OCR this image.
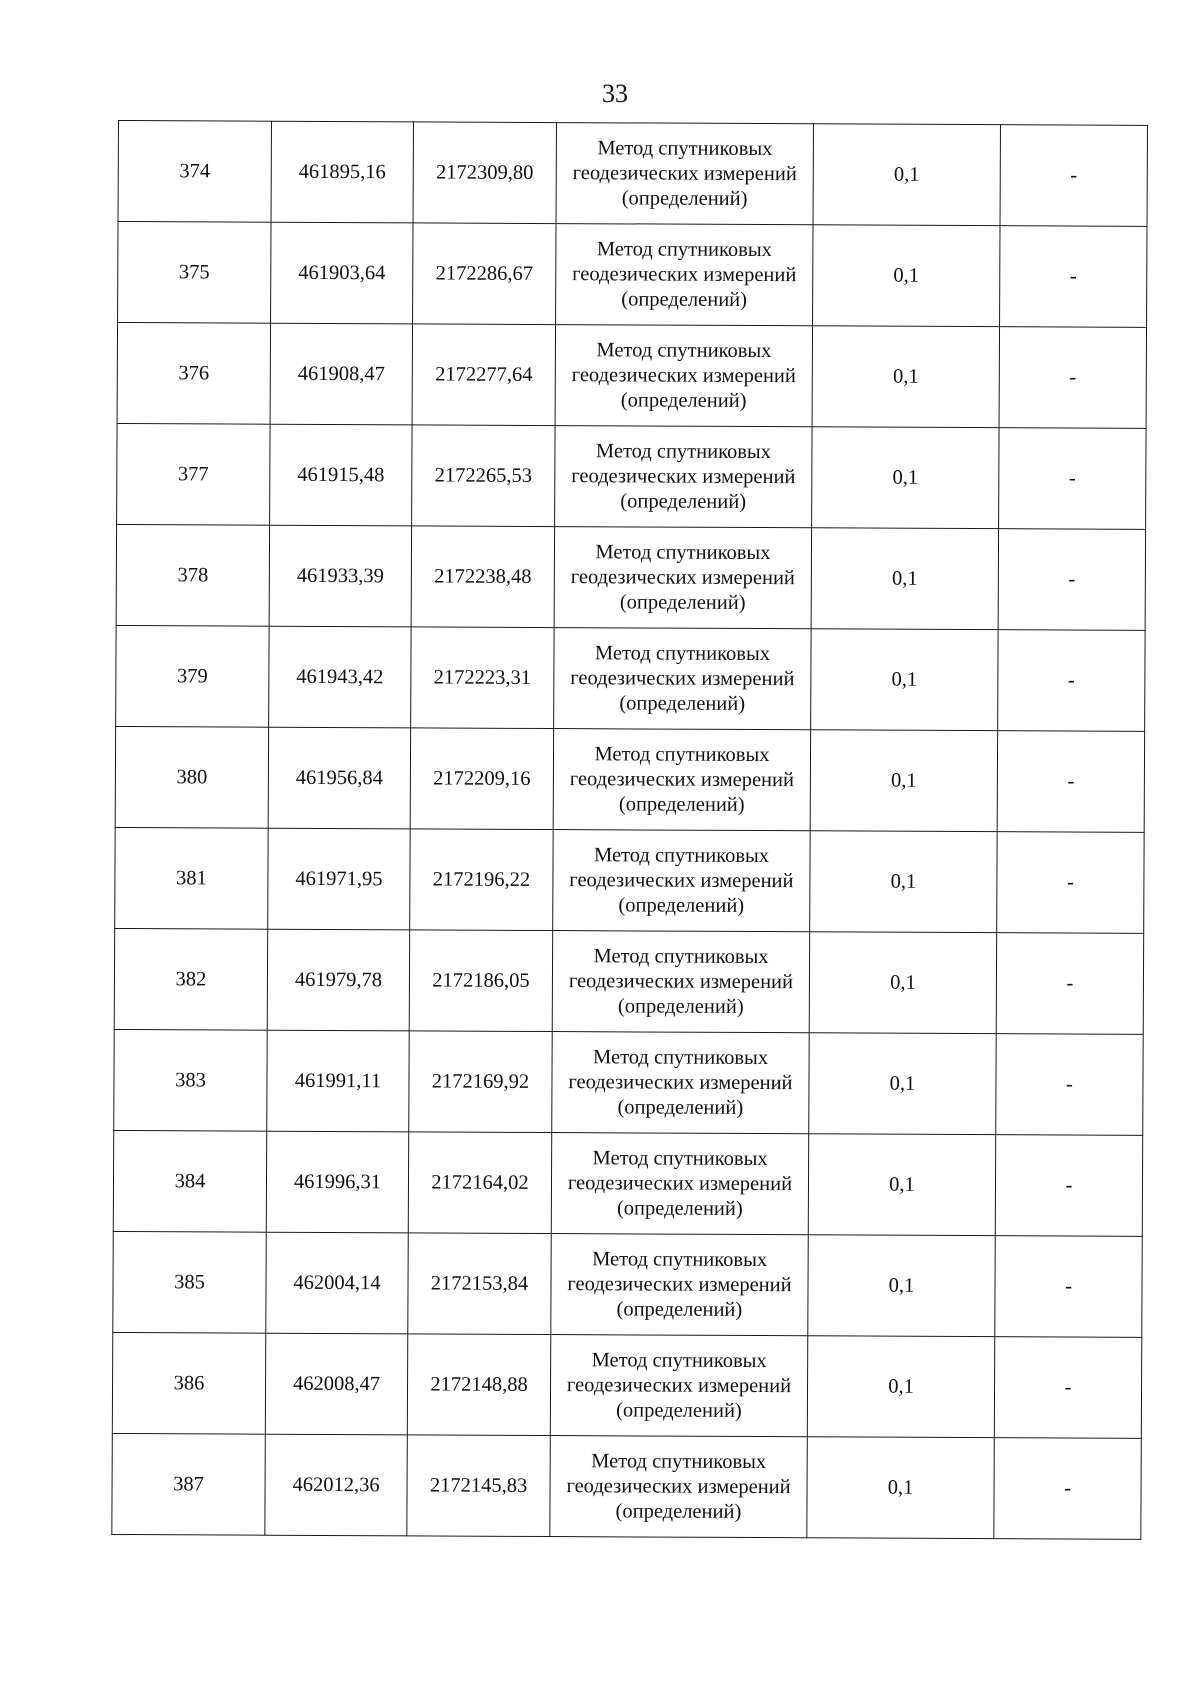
33
374	461895,16	2172309,80	Метод спутниковых
геодезических измерений
(определений)	0,1	-
375	461903,64	2172286,67	Метод спутниковых
геодезических измерений
(определений)	0,1	-
376	461908,47	2172277,64	Метод спутниковых
геодезических измерений
(определений)	0,1	-
377	461915,48	2172265,53	Метод спутниковых
геодезических измерений
(определений)	0,1	-
378	461933,39	2172238,48	Метод спутниковых
геодезических измерений
(определений)	0,1	-
379	461943,42	2172223,31	Метод спутниковых
геодезических измерений
(определений)	0,1	-
380	461956,84	2172209,16	Метод спутниковых
геодезических измерений
(определений)	0,1	-
381	461971,95	2172196,22	Метод спутниковых
геодезических измерений
(определений)	0,1	-
382	461979,78	2172186,05	Метод спутниковых
геодезических измерений
(определений)	0,1	-
383	461991,11	2172169,92	Метод спутниковых
геодезических измерений
(определений)	0,1	-
384	461996,31	2172164,02	Метод спутниковых
геодезических измерений
(определений)	0,1	-
385	462004,14	2172153,84	Метод спутниковых
геодезических измерений
(определений)	0,1	-
386	462008,47	2172148,88	Метод спутниковых
геодезических измерений
(определений)	0,1	-
387	462012,36	2172145,83	Метод спутниковых
геодезических измерений
(определений)	0,1	-
